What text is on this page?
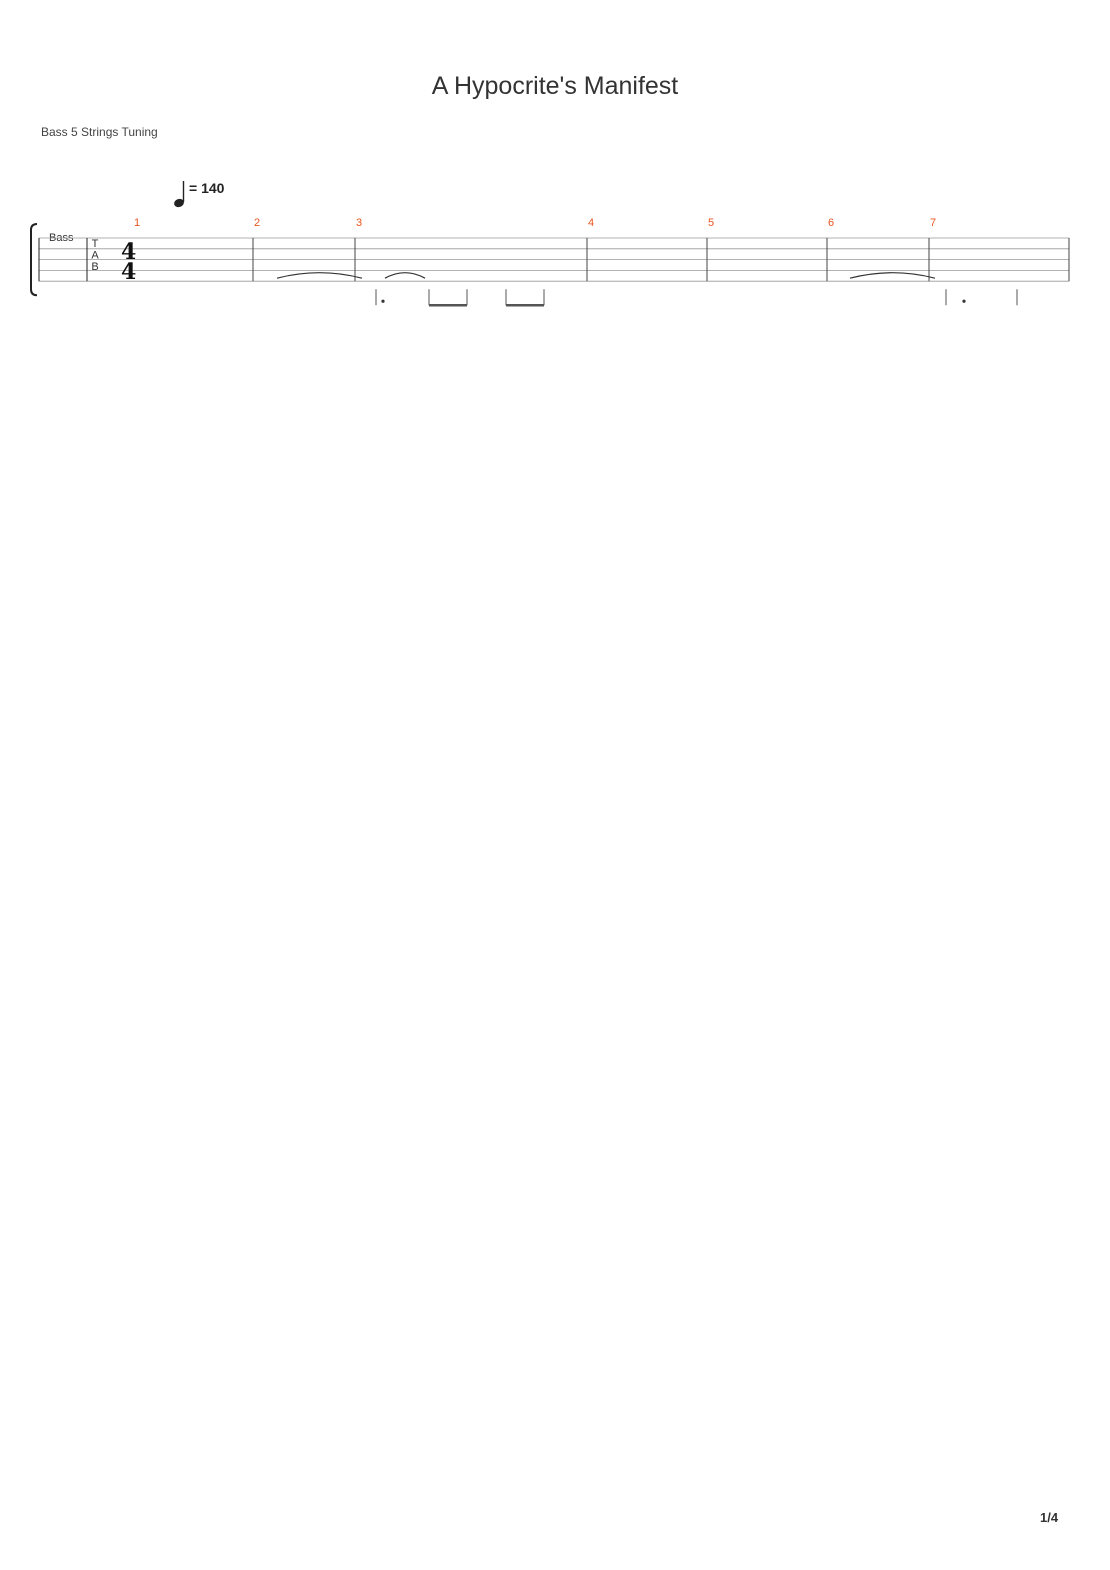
A Hypocrite's Manifest
Bass 5 Strings Tuning
1/4
= 140
Bass T
A
B
4
4
1	2	3	4	5	6	7
